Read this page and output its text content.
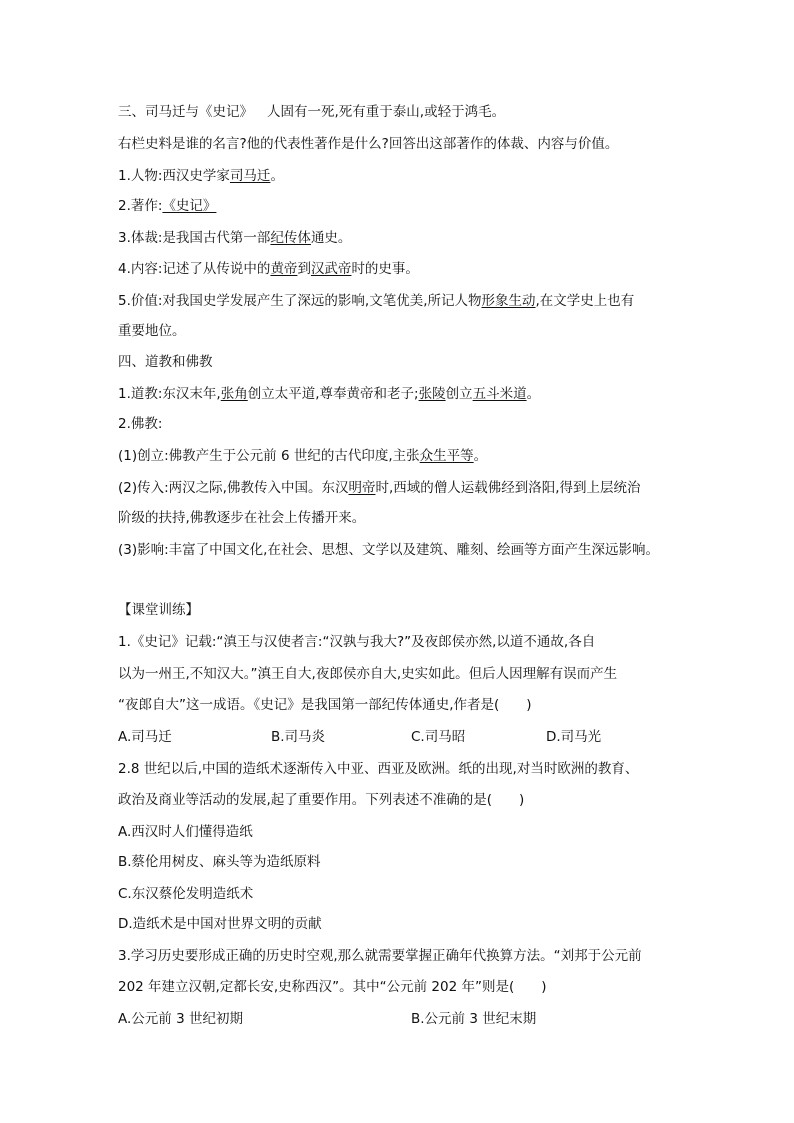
三、司马迁与《史记》 人固有一死,死有重于泰山,或轻于鸿毛。
右栏史料是谁的名言?他的代表性著作是什么?回答出这部著作的体裁、内容与价值。
1.人物:西汉史学家司马迁。
2.著作:《史记》
3.体裁:是我国古代第一部纪传体通史。
4.内容:记述了从传说中的黄帝到汉武帝时的史事。
5.价值:对我国史学发展产生了深远的影响,文笔优美,所记人物形象生动,在文学史上也有
重要地位。
四、道教和佛教
1.道教:东汉末年,张角创立太平道,尊奉黄帝和老子;张陵创立五斗米道。
2.佛教:
(1)创立:佛教产生于公元前 6 世纪的古代印度,主张众生平等。
(2)传入:两汉之际,佛教传入中国。东汉明帝时,西域的僧人运载佛经到洛阳,得到上层统治
阶级的扶持,佛教逐步在社会上传播开来。
(3)影响:丰富了中国文化,在社会、思想、文学以及建筑、雕刻、绘画等方面产生深远影响。
【课堂训练】
1.《史记》记载:“滇王与汉使者言:“汉孰与我大?”及夜郎侯亦然,以道不通故,各自
以为一州王,不知汉大。”滇王自大,夜郎侯亦自大,史实如此。但后人因理解有误而产生
“夜郎自大”这一成语。《史记》是我国第一部纪传体通史,作者是(　　)
A.司马迁	B.司马炎	C.司马昭	D.司马光
2.8 世纪以后,中国的造纸术逐渐传入中亚、西亚及欧洲。纸的出现,对当时欧洲的教育、
政治及商业等活动的发展,起了重要作用。下列表述不准确的是(　　)
A.西汉时人们懂得造纸
B.蔡伦用树皮、麻头等为造纸原料
C.东汉蔡伦发明造纸术
D.造纸术是中国对世界文明的贡献
3.学习历史要形成正确的历史时空观,那么就需要掌握正确年代换算方法。“刘邦于公元前
202 年建立汉朝,定都长安,史称西汉”。其中“公元前 202 年”则是(　　)
A.公元前 3 世纪初期	B.公元前 3 世纪末期
